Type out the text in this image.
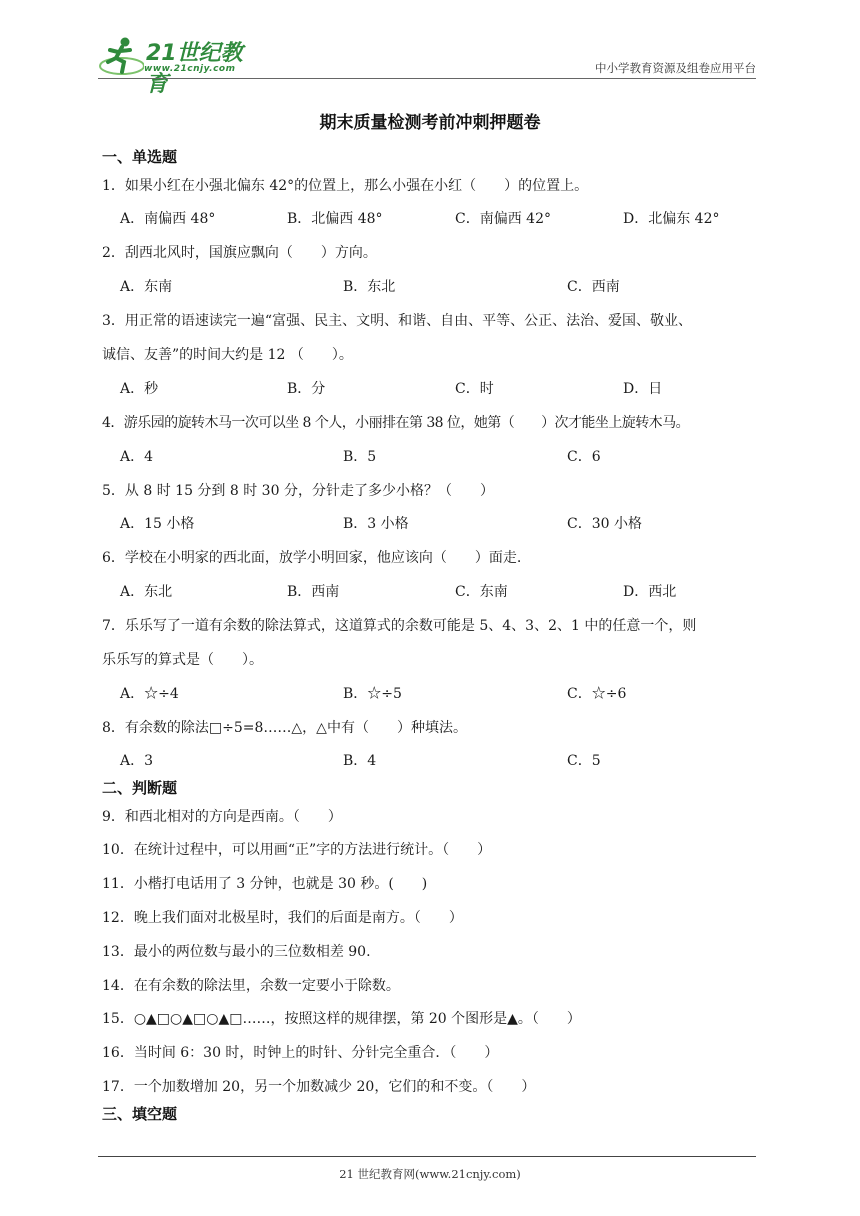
21世纪教育
www.21cnjy.com	中小学教育资源及组卷应用平台
期末质量检测考前冲刺押题卷
一、单选题
1．如果小红在小强北偏东 42°的位置上，那么小强在小红（　　）的位置上。
A．南偏西 48°	B．北偏西 48°	C．南偏西 42°	D．北偏东 42°
2．刮西北风时，国旗应飘向（　　）方向。
A．东南	B．东北	C．西南
3．用正常的语速读完一遍“富强、民主、文明、和谐、自由、平等、公正、法治、爱国、敬业、
诚信、友善”的时间大约是 12 （　　）。
A．秒	B．分	C．时	D．日
4．游乐园的旋转木马一次可以坐 8 个人，小丽排在第 38 位，她第（　　）次才能坐上旋转木马。
A．4	B．5	C．6
5．从 8 时 15 分到 8 时 30 分，分针走了多少小格？（　　）
A．15 小格	B．3 小格	C．30 小格
6．学校在小明家的西北面，放学小明回家，他应该向（　　）面走.
A．东北	B．西南	C．东南	D．西北
7．乐乐写了一道有余数的除法算式，这道算式的余数可能是 5、4、3、2、1 中的任意一个，则
乐乐写的算式是（　　）。
A．☆÷4	B．☆÷5	C．☆÷6
8．有余数的除法□÷5=8……△，△中有（　　）种填法。
A．3	B．4	C．5
二、判断题
9．和西北相对的方向是西南。（　　）
10．在统计过程中，可以用画“正”字的方法进行统计。（　　）
11．小楷打电话用了 3 分钟，也就是 30 秒。(　　)
12．晚上我们面对北极星时，我们的后面是南方。（　　）
13．最小的两位数与最小的三位数相差 90.
14．在有余数的除法里，余数一定要小于除数。
15．○▲□○▲□○▲□……，按照这样的规律摆，第 20 个图形是▲。（　　）
16．当时间 6：30 时，时钟上的时针、分针完全重合．（　　）
17．一个加数增加 20，另一个加数减少 20，它们的和不变。（　　）
三、填空题
21 世纪教育网(www.21cnjy.com)
